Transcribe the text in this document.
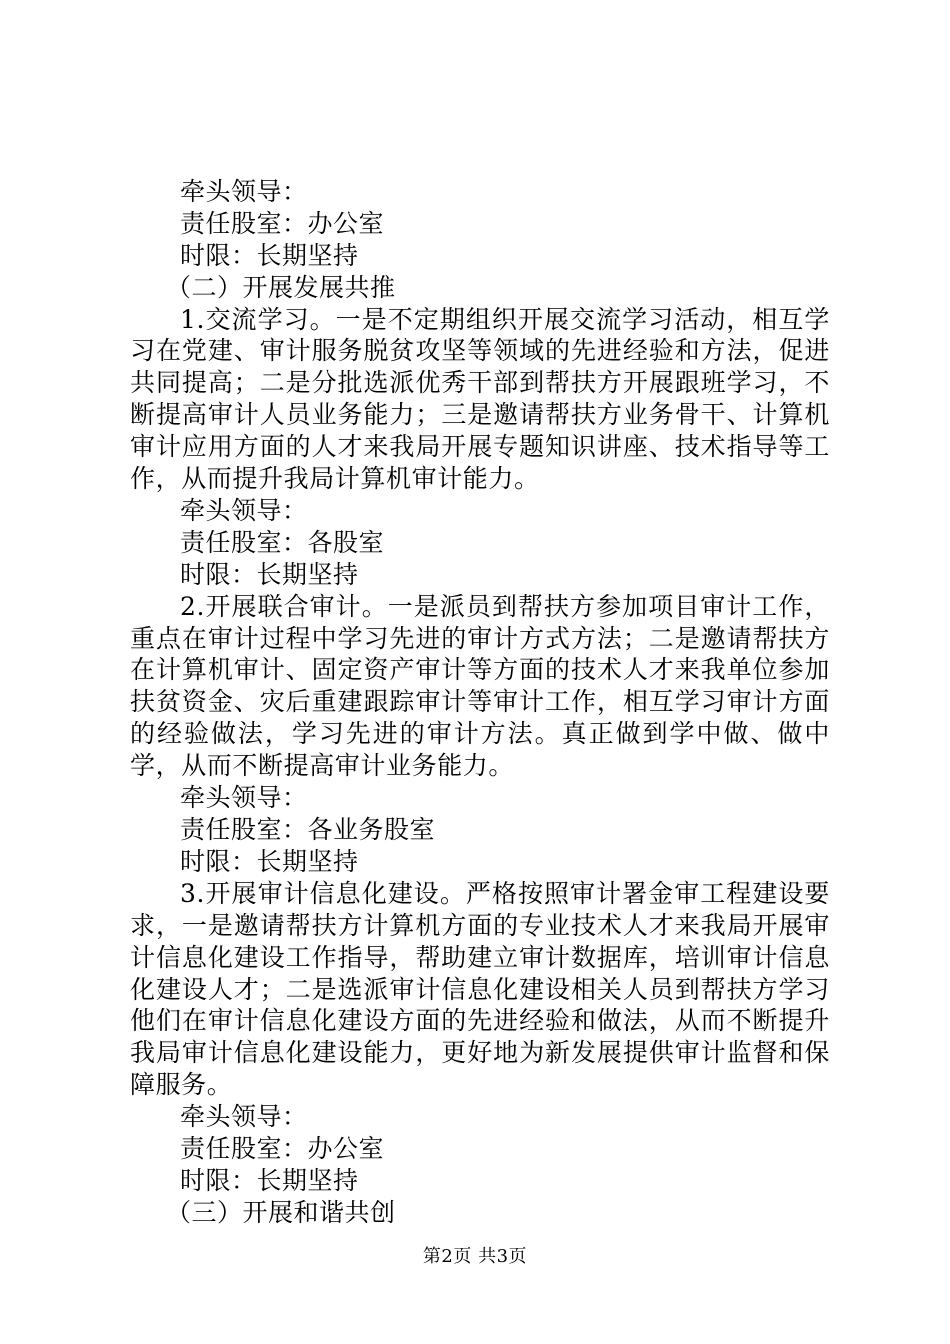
牵头领导：
责任股室：办公室
时限：长期坚持
（二）开展发展共推
1.交流学习。一是不定期组织开展交流学习活动，相互学习在党建、审计服务脱贫攻坚等领域的先进经验和方法，促进共同提高；二是分批选派优秀干部到帮扶方开展跟班学习，不断提高审计人员业务能力；三是邀请帮扶方业务骨干、计算机审计应用方面的人才来我局开展专题知识讲座、技术指导等工作，从而提升我局计算机审计能力。
牵头领导：
责任股室：各股室
时限：长期坚持
2.开展联合审计。一是派员到帮扶方参加项目审计工作，重点在审计过程中学习先进的审计方式方法；二是邀请帮扶方在计算机审计、固定资产审计等方面的技术人才来我单位参加扶贫资金、灾后重建跟踪审计等审计工作，相互学习审计方面的经验做法，学习先进的审计方法。真正做到学中做、做中学，从而不断提高审计业务能力。
牵头领导：
责任股室：各业务股室
时限：长期坚持
3.开展审计信息化建设。严格按照审计署金审工程建设要求，一是邀请帮扶方计算机方面的专业技术人才来我局开展审计信息化建设工作指导，帮助建立审计数据库，培训审计信息化建设人才；二是选派审计信息化建设相关人员到帮扶方学习他们在审计信息化建设方面的先进经验和做法，从而不断提升我局审计信息化建设能力，更好地为新发展提供审计监督和保障服务。
牵头领导：
责任股室：办公室
时限：长期坚持
（三）开展和谐共创
第2页 共3页
